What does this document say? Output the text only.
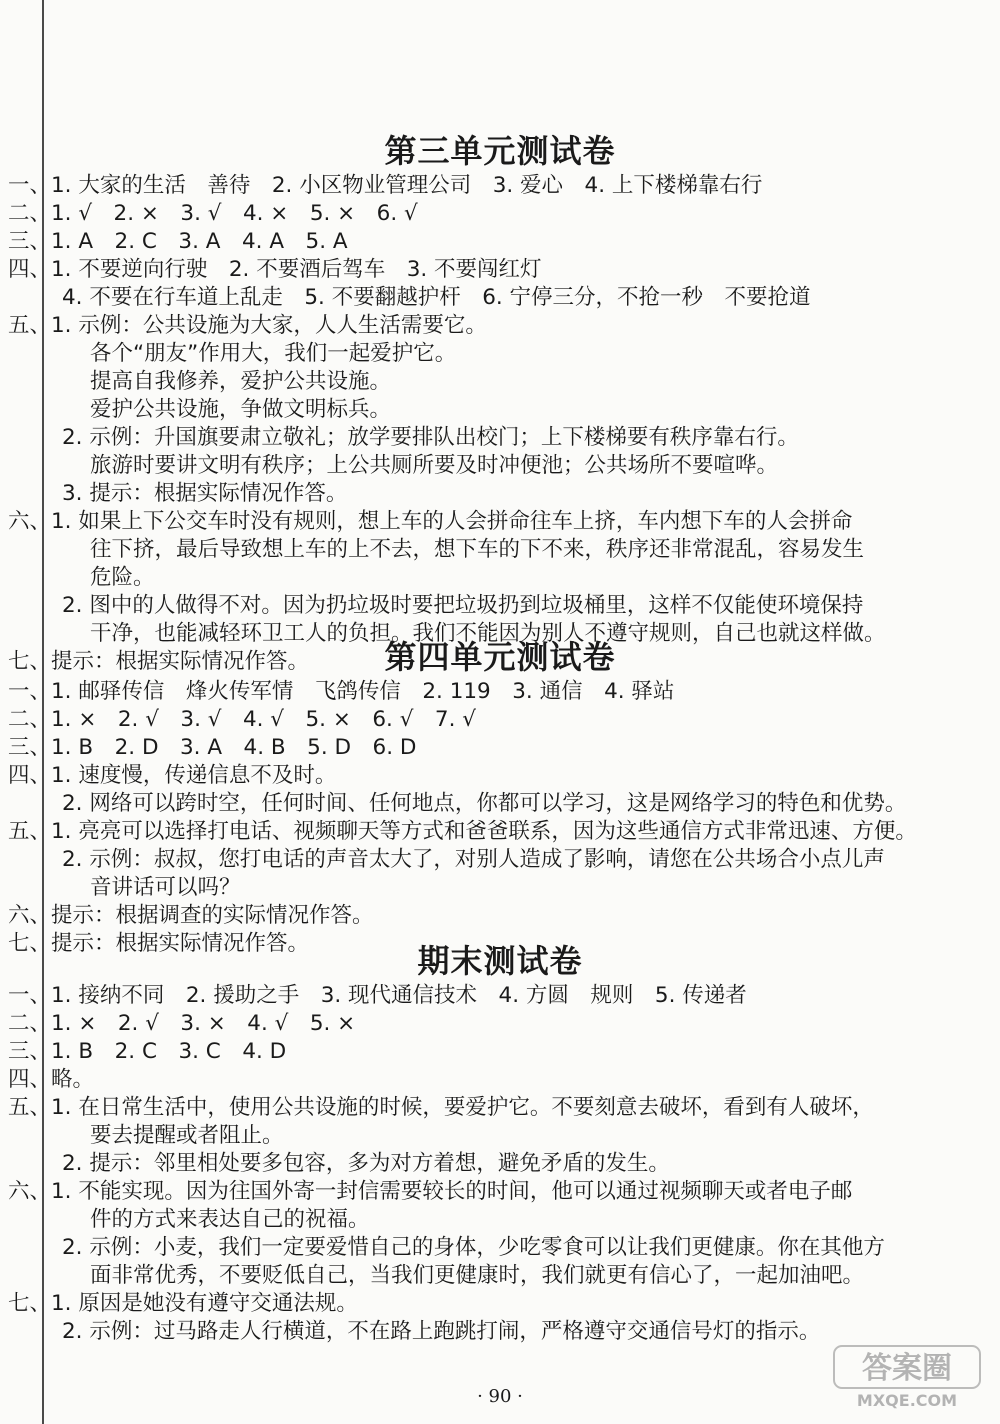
第三单元测试卷
一、1. 大家的生活　善待　2. 小区物业管理公司　3. 爱心　4. 上下楼梯靠右行
二、1. √　2. ×　3. √　4. ×　5. ×　6. √
三、1. A　2. C　3. A　4. A　5. A
四、1. 不要逆向行驶　2. 不要酒后驾车　3. 不要闯红灯
4. 不要在行车道上乱走　5. 不要翻越护杆　6. 宁停三分，不抢一秒　不要抢道
五、1. 示例：公共设施为大家，人人生活需要它。
各个“朋友”作用大，我们一起爱护它。
提高自我修养，爱护公共设施。
爱护公共设施，争做文明标兵。
2. 示例：升国旗要肃立敬礼；放学要排队出校门；上下楼梯要有秩序靠右行。
旅游时要讲文明有秩序；上公共厕所要及时冲便池；公共场所不要喧哗。
3. 提示：根据实际情况作答。
六、1. 如果上下公交车时没有规则，想上车的人会拼命往车上挤，车内想下车的人会拼命
往下挤，最后导致想上车的上不去，想下车的下不来，秩序还非常混乱，容易发生
危险。
2. 图中的人做得不对。因为扔垃圾时要把垃圾扔到垃圾桶里，这样不仅能使环境保持
干净，也能减轻环卫工人的负担。我们不能因为别人不遵守规则，自己也就这样做。
七、提示：根据实际情况作答。	第四单元测试卷
一、1. 邮驿传信　烽火传军情　飞鸽传信　2. 119　3. 通信　4. 驿站
二、1. ×　2. √　3. √　4. √　5. ×　6. √　7. √
三、1. B　2. D　3. A　4. B　5. D　6. D
四、1. 速度慢，传递信息不及时。
2. 网络可以跨时空，任何时间、任何地点，你都可以学习，这是网络学习的特色和优势。
五、1. 亮亮可以选择打电话、视频聊天等方式和爸爸联系，因为这些通信方式非常迅速、方便。
2. 示例：叔叔，您打电话的声音太大了，对别人造成了影响，请您在公共场合小点儿声
音讲话可以吗？
六、提示：根据调查的实际情况作答。
七、提示：根据实际情况作答。	期末测试卷
一、1. 接纳不同　2. 援助之手　3. 现代通信技术　4. 方圆　规则　5. 传递者
二、1. ×　2. √　3. ×　4. √　5. ×
三、1. B　2. C　3. C　4. D
四、略。
五、1. 在日常生活中，使用公共设施的时候，要爱护它。不要刻意去破坏，看到有人破坏，
要去提醒或者阻止。
2. 提示：邻里相处要多包容，多为对方着想，避免矛盾的发生。
六、1. 不能实现。因为往国外寄一封信需要较长的时间，他可以通过视频聊天或者电子邮
件的方式来表达自己的祝福。
2. 示例：小麦，我们一定要爱惜自己的身体，少吃零食可以让我们更健康。你在其他方
面非常优秀，不要贬低自己，当我们更健康时，我们就更有信心了，一起加油吧。
七、1. 原因是她没有遵守交通法规。
2. 示例：过马路走人行横道，不在路上跑跳打闹，严格遵守交通信号灯的指示。
· 90 ·
答案圈
MXQE.COM
